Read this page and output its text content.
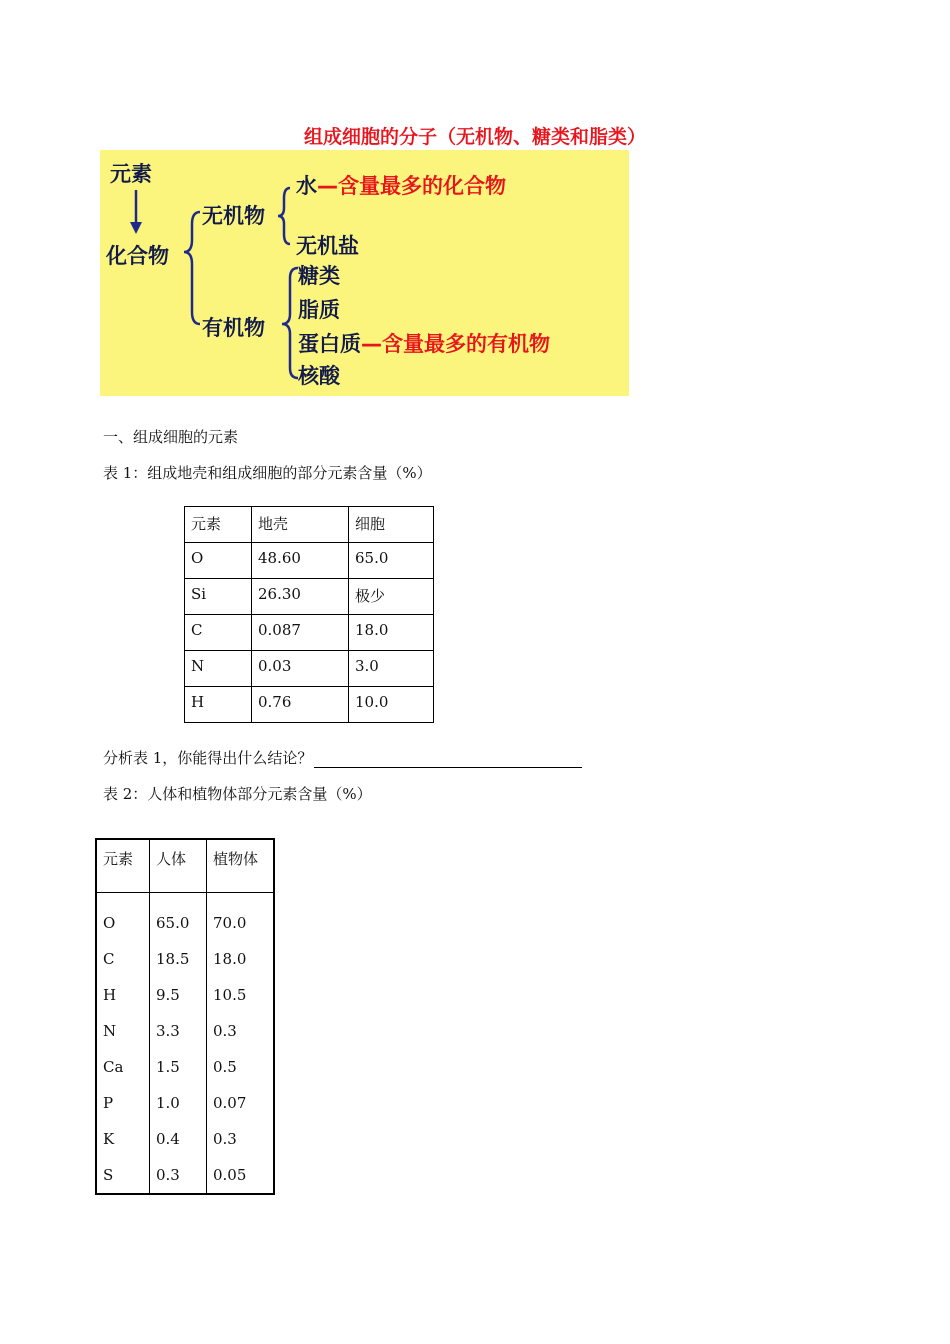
组成细胞的分子（无机物、糖类和脂类）
元素
化合物
无机物
有机物
水—含量最多的化合物
无机盐
糖类
脂质
蛋白质—含量最多的有机物
核酸
一、组成细胞的元素
表 1：组成地壳和组成细胞的部分元素含量（%）
元素	地壳	细胞
O	48.60	65.0
Si	26.30	极少
C	0.087	18.0
N	0.03	3.0
H	0.76	10.0
分析表 1，你能得出什么结论？
表 2：人体和植物体部分元素含量（%）
元素	人体	植物体
O	65.0	70.0
C	18.5	18.0
H	9.5	10.5
N	3.3	0.3
Ca	1.5	0.5
P	1.0	0.07
K	0.4	0.3
S	0.3	0.05
